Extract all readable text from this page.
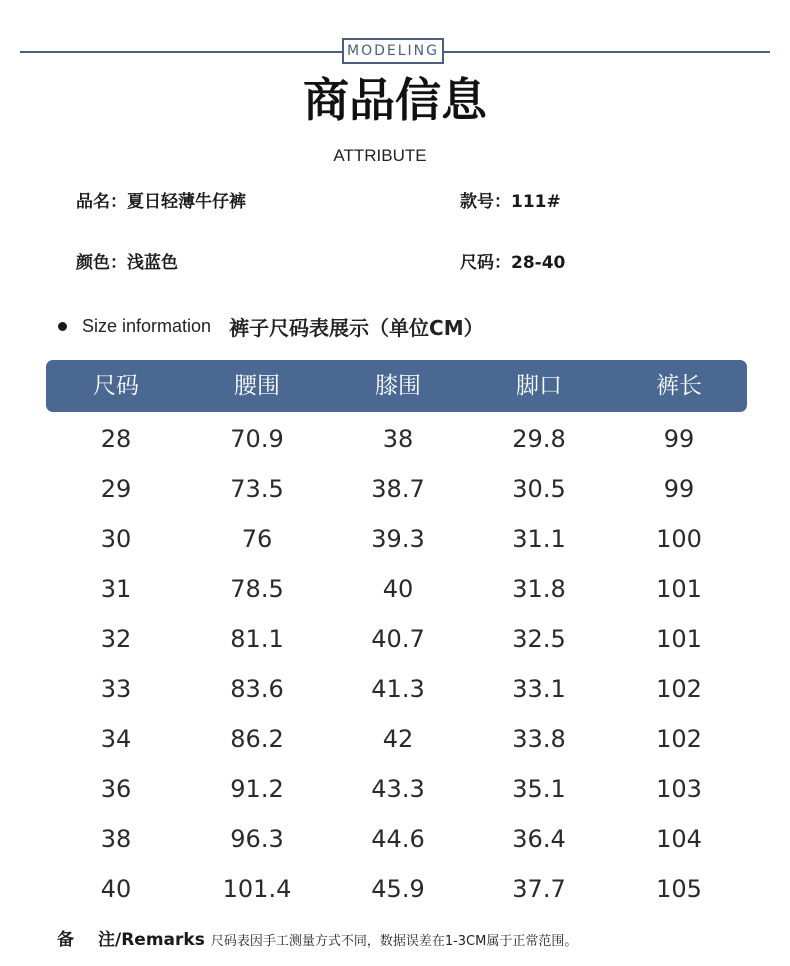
MODELING
商品信息
ATTRIBUTE
品名：夏日轻薄牛仔裤	款号：111#
颜色：浅蓝色	尺码：28-40
Size information 裤子尺码表展示（单位CM）
尺码	腰围	膝围	脚口	裤长
28	70.9	38	29.8	99
29	73.5	38.7	30.5	99
30	76	39.3	31.1	100
31	78.5	40	31.8	101
32	81.1	40.7	32.5	101
33	83.6	41.3	33.1	102
34	86.2	42	33.8	102
36	91.2	43.3	35.1	103
38	96.3	44.6	36.4	104
40	101.4	45.9	37.7	105
备 注/Remarks 尺码表因手工测量方式不同，数据误差在1-3CM属于正常范围。
